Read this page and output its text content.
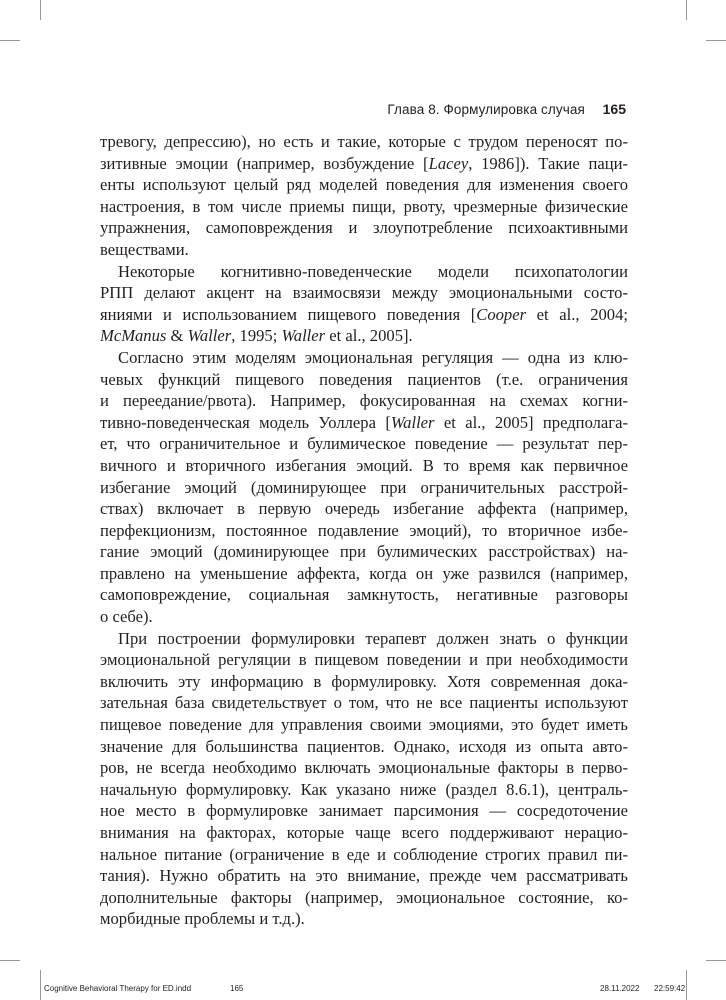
Глава 8. Формулировка случая 165

тревогу, депрессию), но есть и такие, которые с трудом переносят по-
зитивные эмоции (например, возбуждение [Lacey, 1986]). Такие паци-
енты используют целый ряд моделей поведения для изменения своего
настроения, в том числе приемы пищи, рвоту, чрезмерные физические
упражнения, самоповреждения и злоупотребление психоактивными
веществами.

Некоторые когнитивно-поведенческие модели психопатологии
РПП делают акцент на взаимосвязи между эмоциональными состо-
яниями и использованием пищевого поведения [Cooper et al., 2004;
McManus & Waller, 1995; Waller et al., 2005].

Согласно этим моделям эмоциональная регуляция — одна из клю-
чевых функций пищевого поведения пациентов (т.е. ограничения
и переедание/рвота). Например, фокусированная на схемах когни-
тивно-поведенческая модель Уоллера [Waller et al., 2005] предполага-
ет, что ограничительное и булимическое поведение — результат пер-
вичного и вторичного избегания эмоций. В то время как первичное
избегание эмоций (доминирующее при ограничительных расстрой-
ствах) включает в первую очередь избегание аффекта (например,
перфекционизм, постоянное подавление эмоций), то вторичное избе-
гание эмоций (доминирующее при булимических расстройствах) на-
правлено на уменьшение аффекта, когда он уже развился (например,
самоповреждение, социальная замкнутость, негативные разговоры
о себе).

При построении формулировки терапевт должен знать о функции
эмоциональной регуляции в пищевом поведении и при необходимости
включить эту информацию в формулировку. Хотя современная дока-
зательная база свидетельствует о том, что не все пациенты используют
пищевое поведение для управления своими эмоциями, это будет иметь
значение для большинства пациентов. Однако, исходя из опыта авто-
ров, не всегда необходимо включать эмоциональные факторы в перво-
начальную формулировку. Как указано ниже (раздел 8.6.1), централь-
ное место в формулировке занимает парсимония — сосредоточение
внимания на факторах, которые чаще всего поддерживают нерацио-
нальное питание (ограничение в еде и соблюдение строгих правил пи-
тания). Нужно обратить на это внимание, прежде чем рассматривать
дополнительные факторы (например, эмоциональное состояние, ко-
морбидные проблемы и т.д.).

Cognitive Behavioral Therapy for ED.indd	165	28.11.2022 22:59:42
